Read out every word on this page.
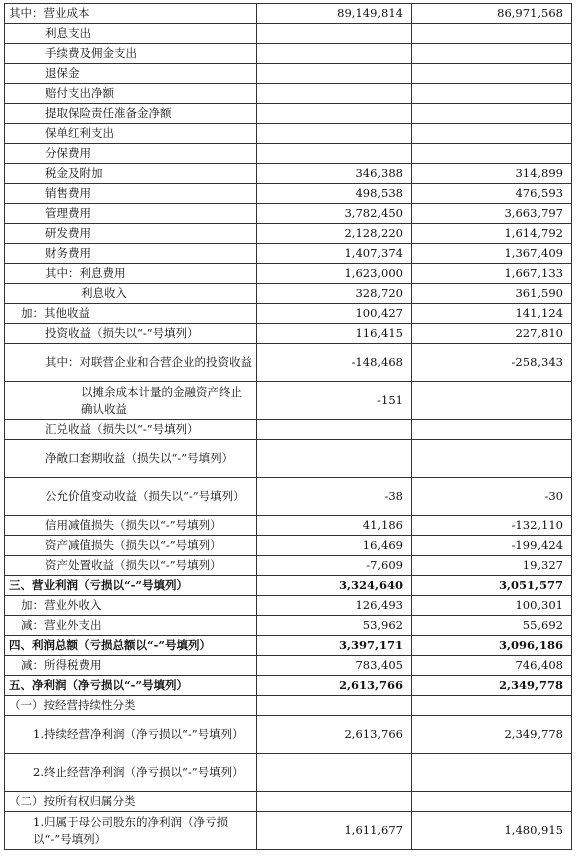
其中：营业成本	89,149,814	86,971,568
利息支出		
手续费及佣金支出		
退保金		
赔付支出净额		
提取保险责任准备金净额		
保单红利支出		
分保费用		
税金及附加	346,388	314,899
销售费用	498,538	476,593
管理费用	3,782,450	3,663,797
研发费用	2,128,220	1,614,792
财务费用	1,407,374	1,367,409
其中：利息费用	1,623,000	1,667,133
利息收入	328,720	361,590
加：其他收益	100,427	141,124
投资收益（损失以“-”号填列）	116,415	227,810
其中：对联营企业和合营企业的投资收益	-148,468	-258,343
以摊余成本计量的金融资产终止确认收益	-151	
汇兑收益（损失以“-”号填列）		
净敞口套期收益（损失以“-”号填列）		
公允价值变动收益（损失以“-”号填列）	-38	-30
信用减值损失（损失以“-”号填列）	41,186	-132,110
资产减值损失（损失以“-”号填列）	16,469	-199,424
资产处置收益（损失以“-”号填列）	-7,609	19,327
三、营业利润（亏损以“-”号填列）	3,324,640	3,051,577
加：营业外收入	126,493	100,301
减：营业外支出	53,962	55,692
四、利润总额（亏损总额以“-”号填列）	3,397,171	3,096,186
减：所得税费用	783,405	746,408
五、净利润（净亏损以“-”号填列）	2,613,766	2,349,778
（一）按经营持续性分类		
1.持续经营净利润（净亏损以“-”号填列）	2,613,766	2,349,778
2.终止经营净利润（净亏损以“-”号填列）		
（二）按所有权归属分类		
1.归属于母公司股东的净利润（净亏损以“-”号填列）	1,611,677	1,480,915
